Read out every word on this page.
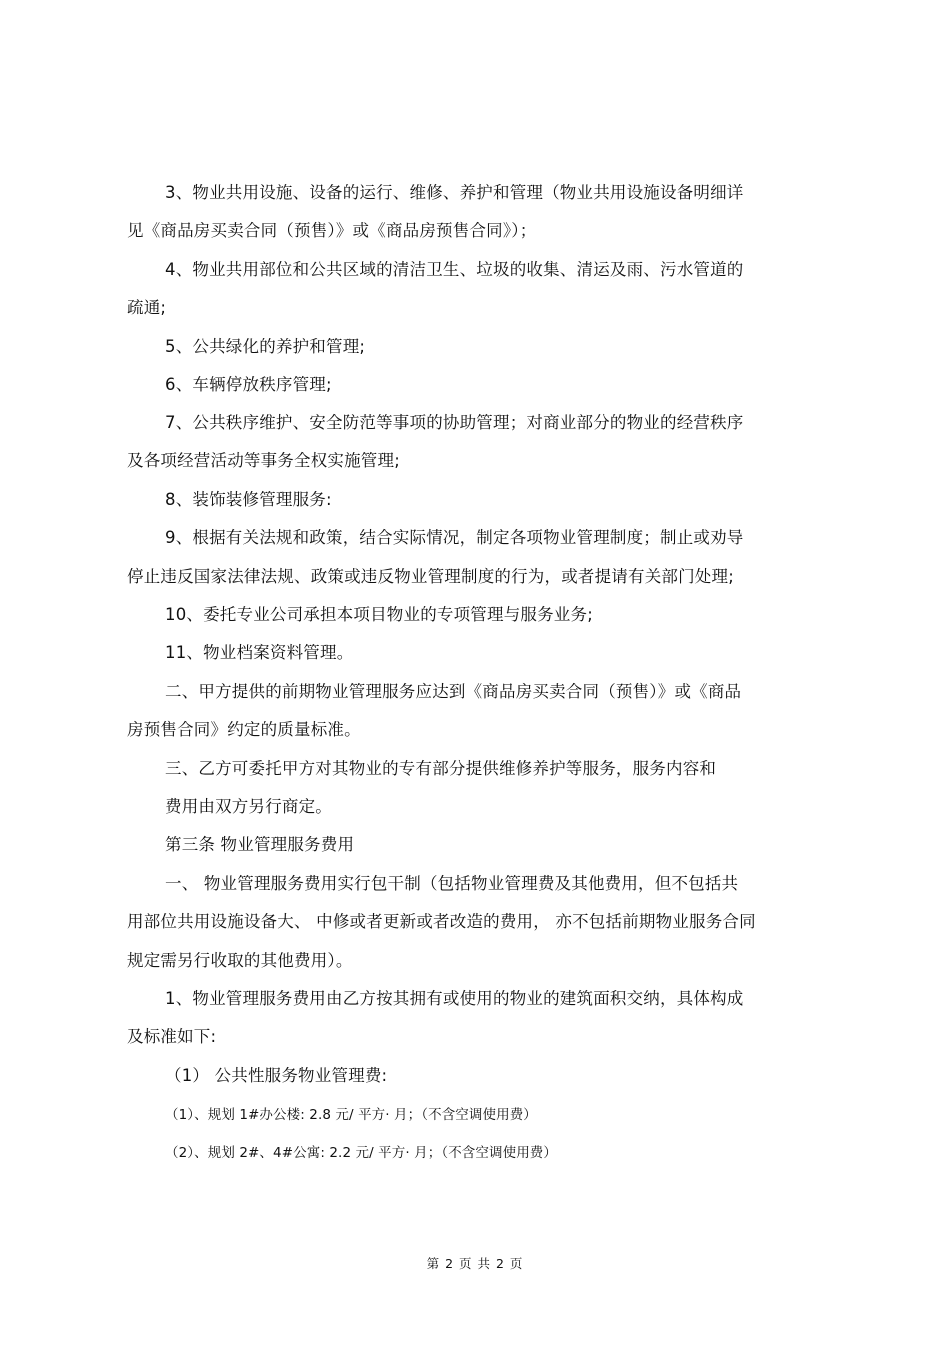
3、物业共用设施、设备的运行、维修、养护和管理（物业共用设施设备明细详
见《商品房买卖合同（预售）》或《商品房预售合同》）；
4、物业共用部位和公共区域的清洁卫生、垃圾的收集、清运及雨、污水管道的
疏通;
5、公共绿化的养护和管理;
6、车辆停放秩序管理;
7、公共秩序维护、安全防范等事项的协助管理；对商业部分的物业的经营秩序
及各项经营活动等事务全权实施管理;
8、装饰装修管理服务:
9、根据有关法规和政策，结合实际情况，制定各项物业管理制度；制止或劝导
停止违反国家法律法规、政策或违反物业管理制度的行为，或者提请有关部门处理;
10、委托专业公司承担本项目物业的专项管理与服务业务;
11、物业档案资料管理。
二、甲方提供的前期物业管理服务应达到《商品房买卖合同（预售）》或《商品
房预售合同》约定的质量标准。
三、乙方可委托甲方对其物业的专有部分提供维修养护等服务，服务内容和
费用由双方另行商定。
第三条 物业管理服务费用
一、 物业管理服务费用实行包干制（包括物业管理费及其他费用，但不包括共
用部位共用设施设备大、 中修或者更新或者改造的费用， 亦不包括前期物业服务合同
规定需另行收取的其他费用）。
1、物业管理服务费用由乙方按其拥有或使用的物业的建筑面积交纳，具体构成
及标准如下:
（1） 公共性服务物业管理费:
（1）、规划 1#办公楼: 2.8 元/ 平方· 月；（不含空调使用费）
（2）、规划 2#、4#公寓: 2.2 元/ 平方· 月；（不含空调使用费）
第 2 页 共 2 页
